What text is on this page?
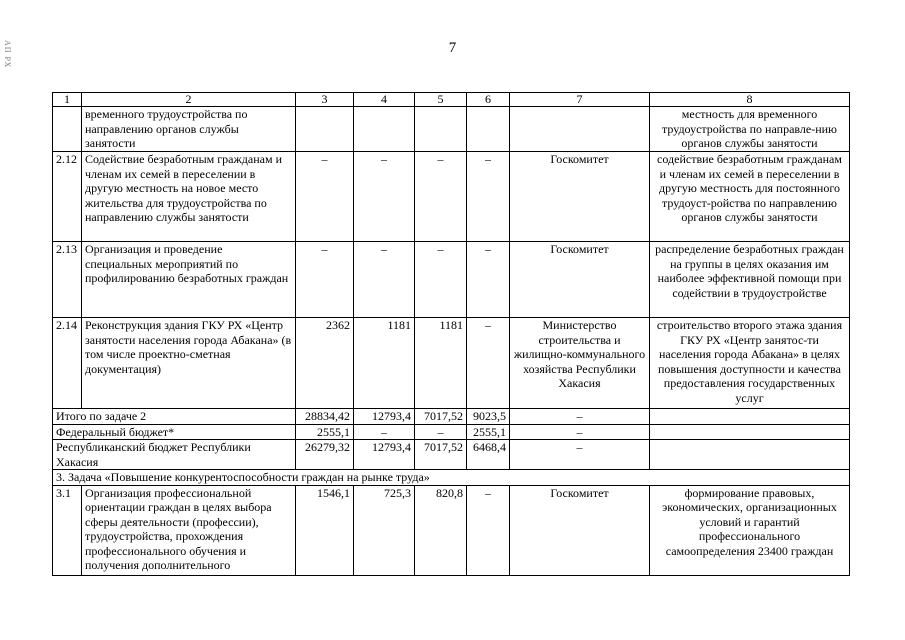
7
АП РХ
1	2	3	4	5	6	7	8
	временного трудоустройства по направлению органов службы занятости						местность для временного трудоустройства по направле-нию органов службы занятости
2.12	Содействие безработным гражданам и членам их семей в переселении в другую местность на новое место жительства для трудоустройства по направлению службы занятости	–	–	–	–	Госкомитет	содействие безработным гражданам и членам их семей в переселении в другую местность для постоянного трудоуст-ройства по направлению органов службы занятости
2.13	Организация и проведение специальных мероприятий по профилированию безработных граждан	–	–	–	–	Госкомитет	распределение безработных граждан на группы в целях оказания им наиболее эффективной помощи при содействии в трудоустройстве
2.14	Реконструкция здания ГКУ РХ «Центр занятости населения города Абакана» (в том числе проектно-сметная документация)	2362	1181	1181	–	Министерство строительства и жилищно-коммунального хозяйства Республики Хакасия	строительство второго этажа здания ГКУ РХ «Центр занятос-ти населения города Абакана» в целях повышения доступности и качества предоставления государственных услуг
Итого по задаче 2		28834,42	12793,4	7017,52	9023,5	–	
Федеральный бюджет*		2555,1	–	–	2555,1	–	
Республиканский бюджет Республики Хакасия		26279,32	12793,4	7017,52	6468,4	–	
3. Задача «Повышение конкурентоспособности граждан на рынке труда»							
3.1	Организация профессиональной ориентации граждан в целях выбора сферы деятельности (профессии), трудоустройства, прохождения профессионального обучения и получения дополнительного	1546,1	725,3	820,8	–	Госкомитет	формирование правовых, экономических, организационных условий и гарантий профессионального самоопределения 23400 граждан
